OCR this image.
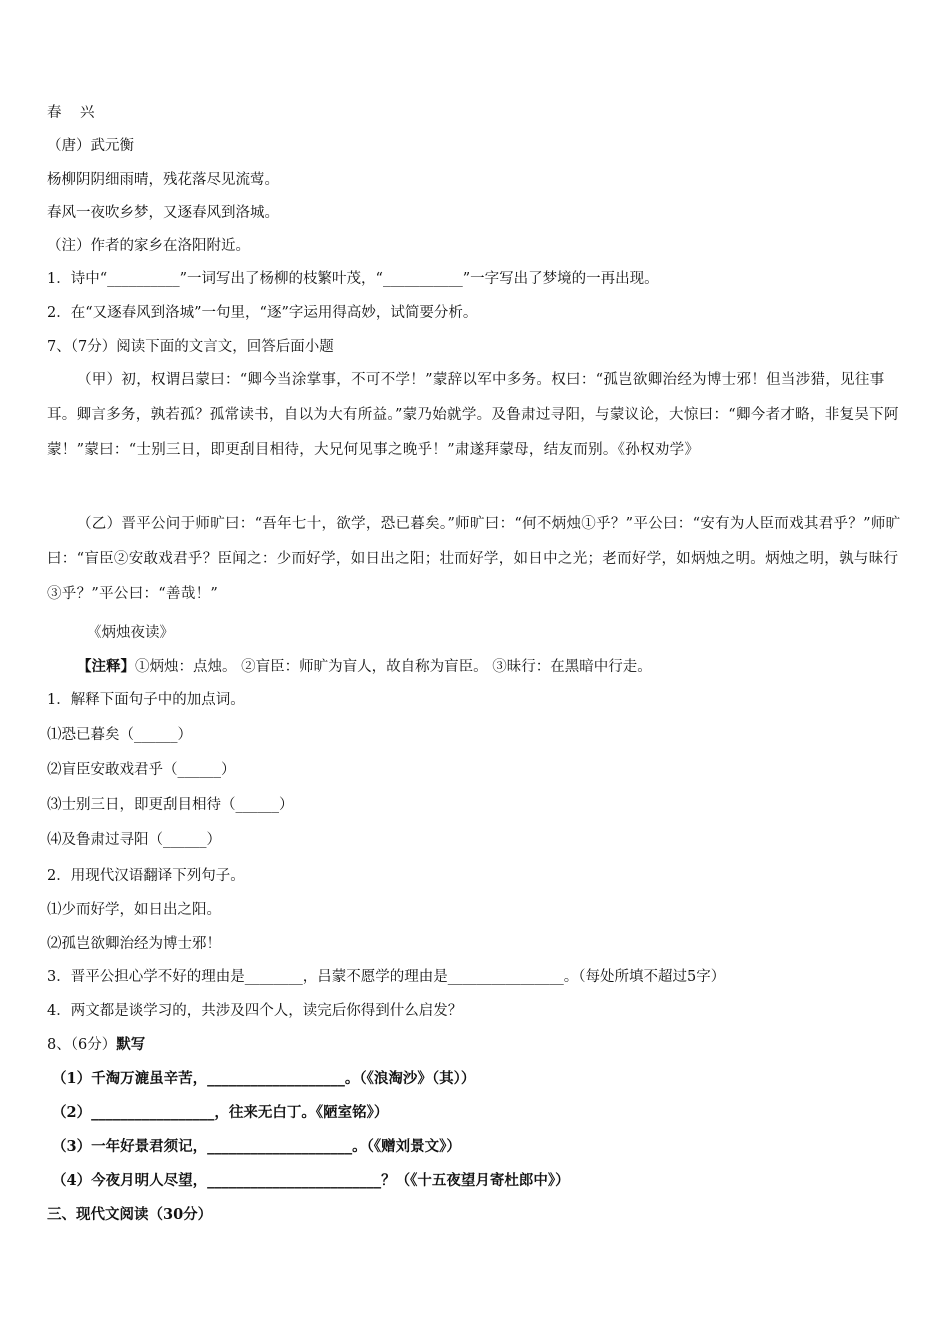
春　兴
（唐）武元衡
杨柳阴阴细雨晴，残花落尽见流莺。
春风一夜吹乡梦，又逐春风到洛城。
（注）作者的家乡在洛阳附近。
1．诗中“__________”一词写出了杨柳的枝繁叶茂，“___________”一字写出了梦境的一再出现。
2．在“又逐春风到洛城”一句里，“逐”字运用得高妙，试简要分析。
7、（7分）阅读下面的文言文，回答后面小题
（甲）初，权谓吕蒙曰：“卿今当涂掌事，不可不学！”蒙辞以军中多务。权曰：“孤岂欲卿治经为博士邪！但当涉猎，见往事耳。卿言多务，孰若孤？孤常读书，自以为大有所益。”蒙乃始就学。及鲁肃过寻阳，与蒙议论，大惊曰：“卿今者才略，非复吴下阿蒙！”蒙曰：“士别三日，即更刮目相待，大兄何见事之晚乎！”肃遂拜蒙母，结友而别。《孙权劝学》
（乙）晋平公问于师旷曰：“吾年七十，欲学，恐已暮矣。”师旷曰：“何不炳烛①乎？”平公曰：“安有为人臣而戏其君乎？”师旷曰：“盲臣②安敢戏君乎？臣闻之：少而好学，如日出之阳；壮而好学，如日中之光；老而好学，如炳烛之明。炳烛之明，孰与昧行③乎？”平公曰：“善哉！”
《炳烛夜读》
【注释】①炳烛：点烛。 ②盲臣：师旷为盲人，故自称为盲臣。 ③昧行：在黑暗中行走。
1．解释下面句子中的加点词。
⑴恐已暮矣（______）
⑵盲臣安敢戏君乎（______）
⑶士别三日，即更刮目相待（______）
⑷及鲁肃过寻阳（______）
2．用现代汉语翻译下列句子。
⑴少而好学，如日出之阳。
⑵孤岂欲卿治经为博士邪！
3．晋平公担心学不好的理由是________，吕蒙不愿学的理由是________________。（每处所填不超过5字）
4．两文都是谈学习的，共涉及四个人，读完后你得到什么启发？
8、（6分）默写
（1）千淘万漉虽辛苦，___________________。（《浪淘沙》（其））
（2）_________________，往来无白丁。《陋室铭》）
（3）一年好景君须记，____________________。（《赠刘景文》）
（4）今夜月明人尽望，________________________？（《十五夜望月寄杜郎中》）
三、现代文阅读（30分）
